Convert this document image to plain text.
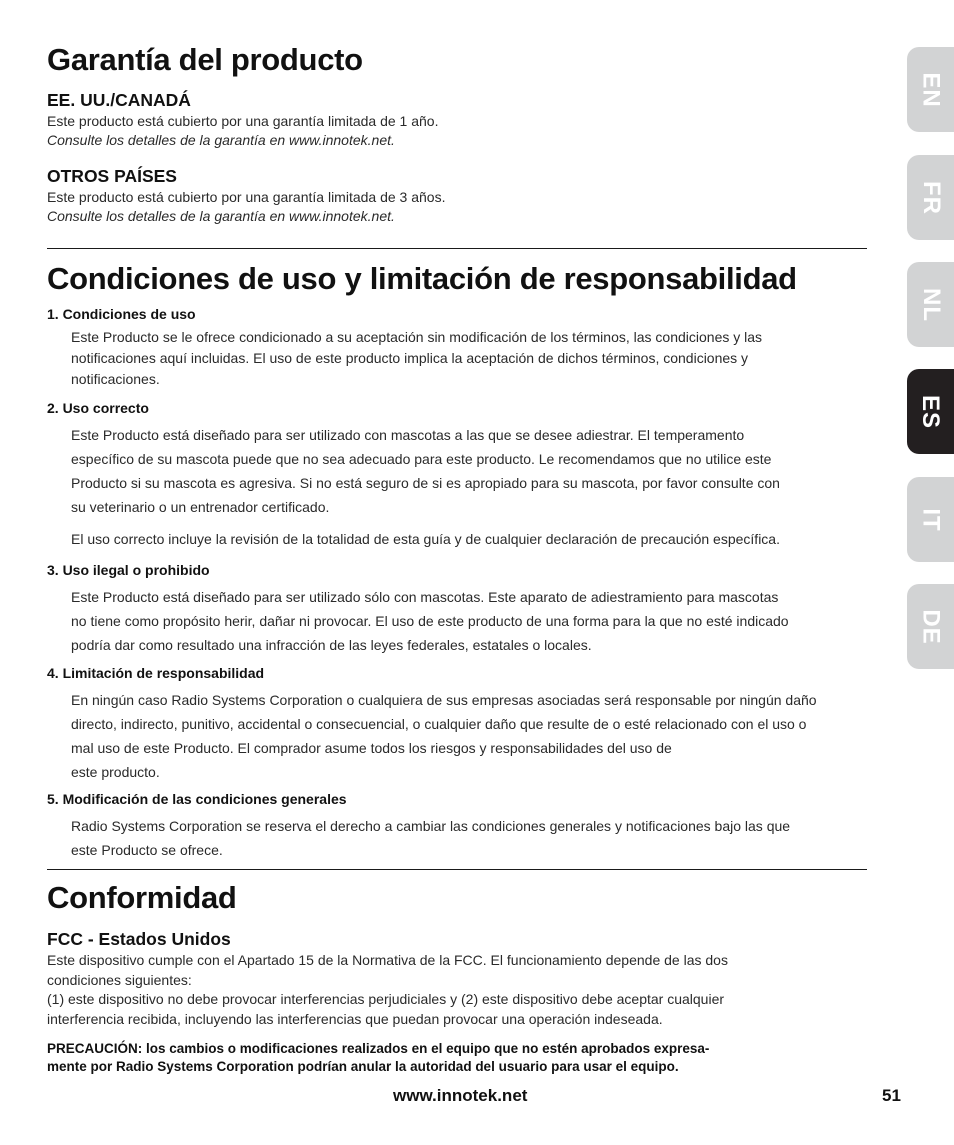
Garantía del producto
EE. UU./CANADÁ
Este producto está cubierto por una garantía limitada de 1 año.
Consulte los detalles de la garantía en www.innotek.net.
OTROS PAÍSES
Este producto está cubierto por una garantía limitada de 3 años.
Consulte los detalles de la garantía en www.innotek.net.
Condiciones de uso y limitación de responsabilidad
1. Condiciones de uso
Este Producto se le ofrece condicionado a su aceptación sin modificación de los términos, las condiciones y las
notificaciones aquí incluidas. El uso de este producto implica la aceptación de dichos términos, condiciones y
notificaciones.
2. Uso correcto
Este Producto está diseñado para ser utilizado con mascotas a las que se desee adiestrar. El temperamento
específico de su mascota puede que no sea adecuado para este producto. Le recomendamos que no utilice este
Producto si su mascota es agresiva. Si no está seguro de si es apropiado para su mascota, por favor consulte con
su veterinario o un entrenador certificado.
El uso correcto incluye la revisión de la totalidad de esta guía y de cualquier declaración de precaución específica.
3. Uso ilegal o prohibido
Este Producto está diseñado para ser utilizado sólo con mascotas. Este aparato de adiestramiento para mascotas
no tiene como propósito herir, dañar ni provocar. El uso de este producto de una forma para la que no esté indicado
podría dar como resultado una infracción de las leyes federales, estatales o locales.
4. Limitación de responsabilidad
En ningún caso Radio Systems Corporation o cualquiera de sus empresas asociadas será responsable por ningún daño
directo, indirecto, punitivo, accidental o consecuencial, o cualquier daño que resulte de o esté relacionado con el uso o
mal uso de este Producto. El comprador asume todos los riesgos y responsabilidades del uso de
este producto.
5. Modificación de las condiciones generales
Radio Systems Corporation se reserva el derecho a cambiar las condiciones generales y notificaciones bajo las que
este Producto se ofrece.
Conformidad
FCC - Estados Unidos
Este dispositivo cumple con el Apartado 15 de la Normativa de la FCC. El funcionamiento depende de las dos
condiciones siguientes:
(1) este dispositivo no debe provocar interferencias perjudiciales y (2) este dispositivo debe aceptar cualquier
interferencia recibida, incluyendo las interferencias que puedan provocar una operación indeseada.
PRECAUCIÓN: los cambios o modificaciones realizados en el equipo que no estén aprobados expresa-
mente por Radio Systems Corporation podrían anular la autoridad del usuario para usar el equipo.
www.innotek.net	51
EN
FR
NL
ES
IT
DE
